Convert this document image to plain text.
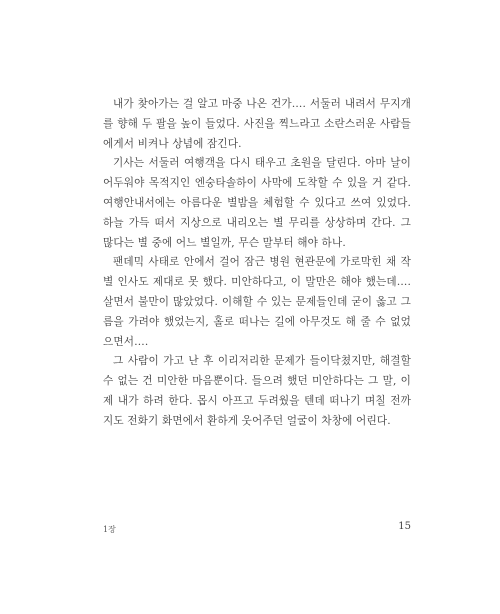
내가 찾아가는 걸 알고 마중 나온 건가…. 서둘러 내려서 무지개를 향해 두 팔을 높이 들었다. 사진을 찍느라고 소란스러운 사람들에게서 비켜나 상념에 잠긴다.

기사는 서둘러 여행객을 다시 태우고 초원을 달린다. 아마 날이 어두워야 목적지인 엔숭타솔하이 사막에 도착할 수 있을 거 같다. 여행안내서에는 아름다운 별밤을 체험할 수 있다고 쓰여 있었다. 하늘 가득 떠서 지상으로 내리오는 별 무리를 상상하며 간다. 그 많다는 별 중에 어느 별일까, 무슨 말부터 해야 하나.

팬데믹 사태로 안에서 걸어 잠근 병원 현관문에 가로막힌 채 작별 인사도 제대로 못 했다. 미안하다고, 이 말만은 해야 했는데…. 살면서 불만이 많았었다. 이해할 수 있는 문제들인데 굳이 옳고 그름을 가려야 했었는지, 홀로 떠나는 길에 아무것도 해 줄 수 없었으면서….

그 사람이 가고 난 후 이리저리한 문제가 들이닥쳤지만, 해결할 수 없는 건 미안한 마음뿐이다. 들으려 했던 미안하다는 그 말, 이제 내가 하려 한다. 몹시 아프고 두려웠을 텐데 떠나기 며칠 전까지도 전화기 화면에서 환하게 웃어주던 얼굴이 차창에 어린다.

1장	15
